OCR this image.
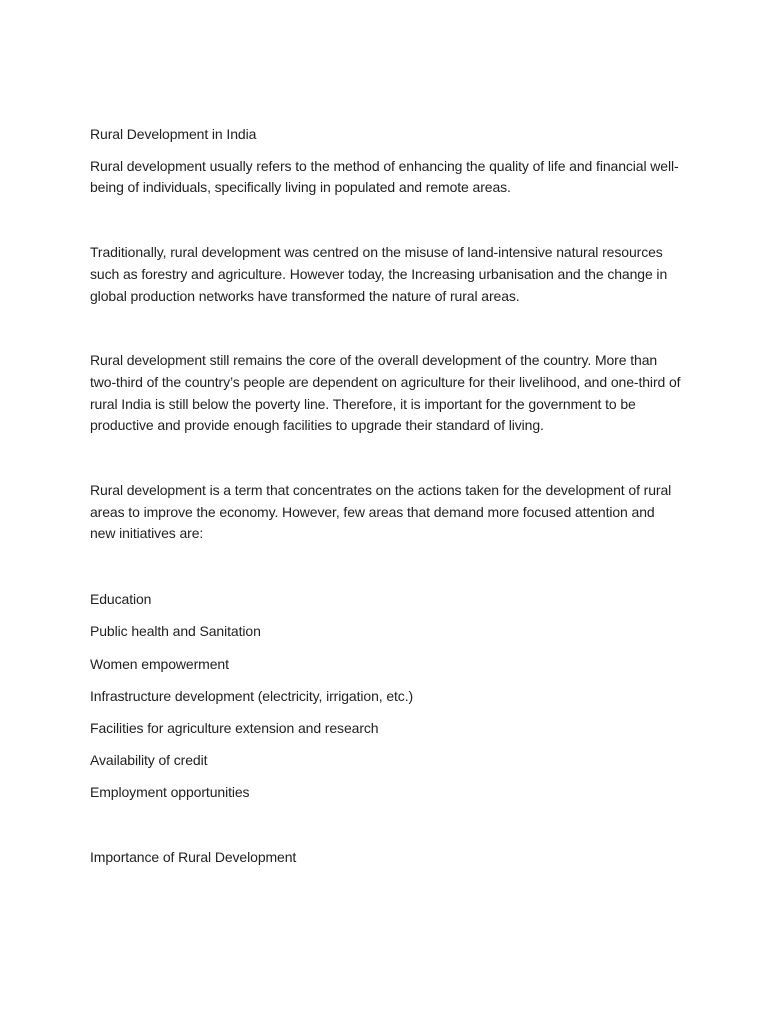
Rural Development in India

Rural development usually refers to the method of enhancing the quality of life and financial well-being of individuals, specifically living in populated and remote areas.

Traditionally, rural development was centred on the misuse of land-intensive natural resources such as forestry and agriculture. However today, the Increasing urbanisation and the change in global production networks have transformed the nature of rural areas.

Rural development still remains the core of the overall development of the country. More than two-third of the country’s people are dependent on agriculture for their livelihood, and one-third of rural India is still below the poverty line. Therefore, it is important for the government to be productive and provide enough facilities to upgrade their standard of living.

Rural development is a term that concentrates on the actions taken for the development of rural areas to improve the economy. However, few areas that demand more focused attention and new initiatives are:

Education

Public health and Sanitation

Women empowerment

Infrastructure development (electricity, irrigation, etc.)

Facilities for agriculture extension and research

Availability of credit

Employment opportunities

Importance of Rural Development
